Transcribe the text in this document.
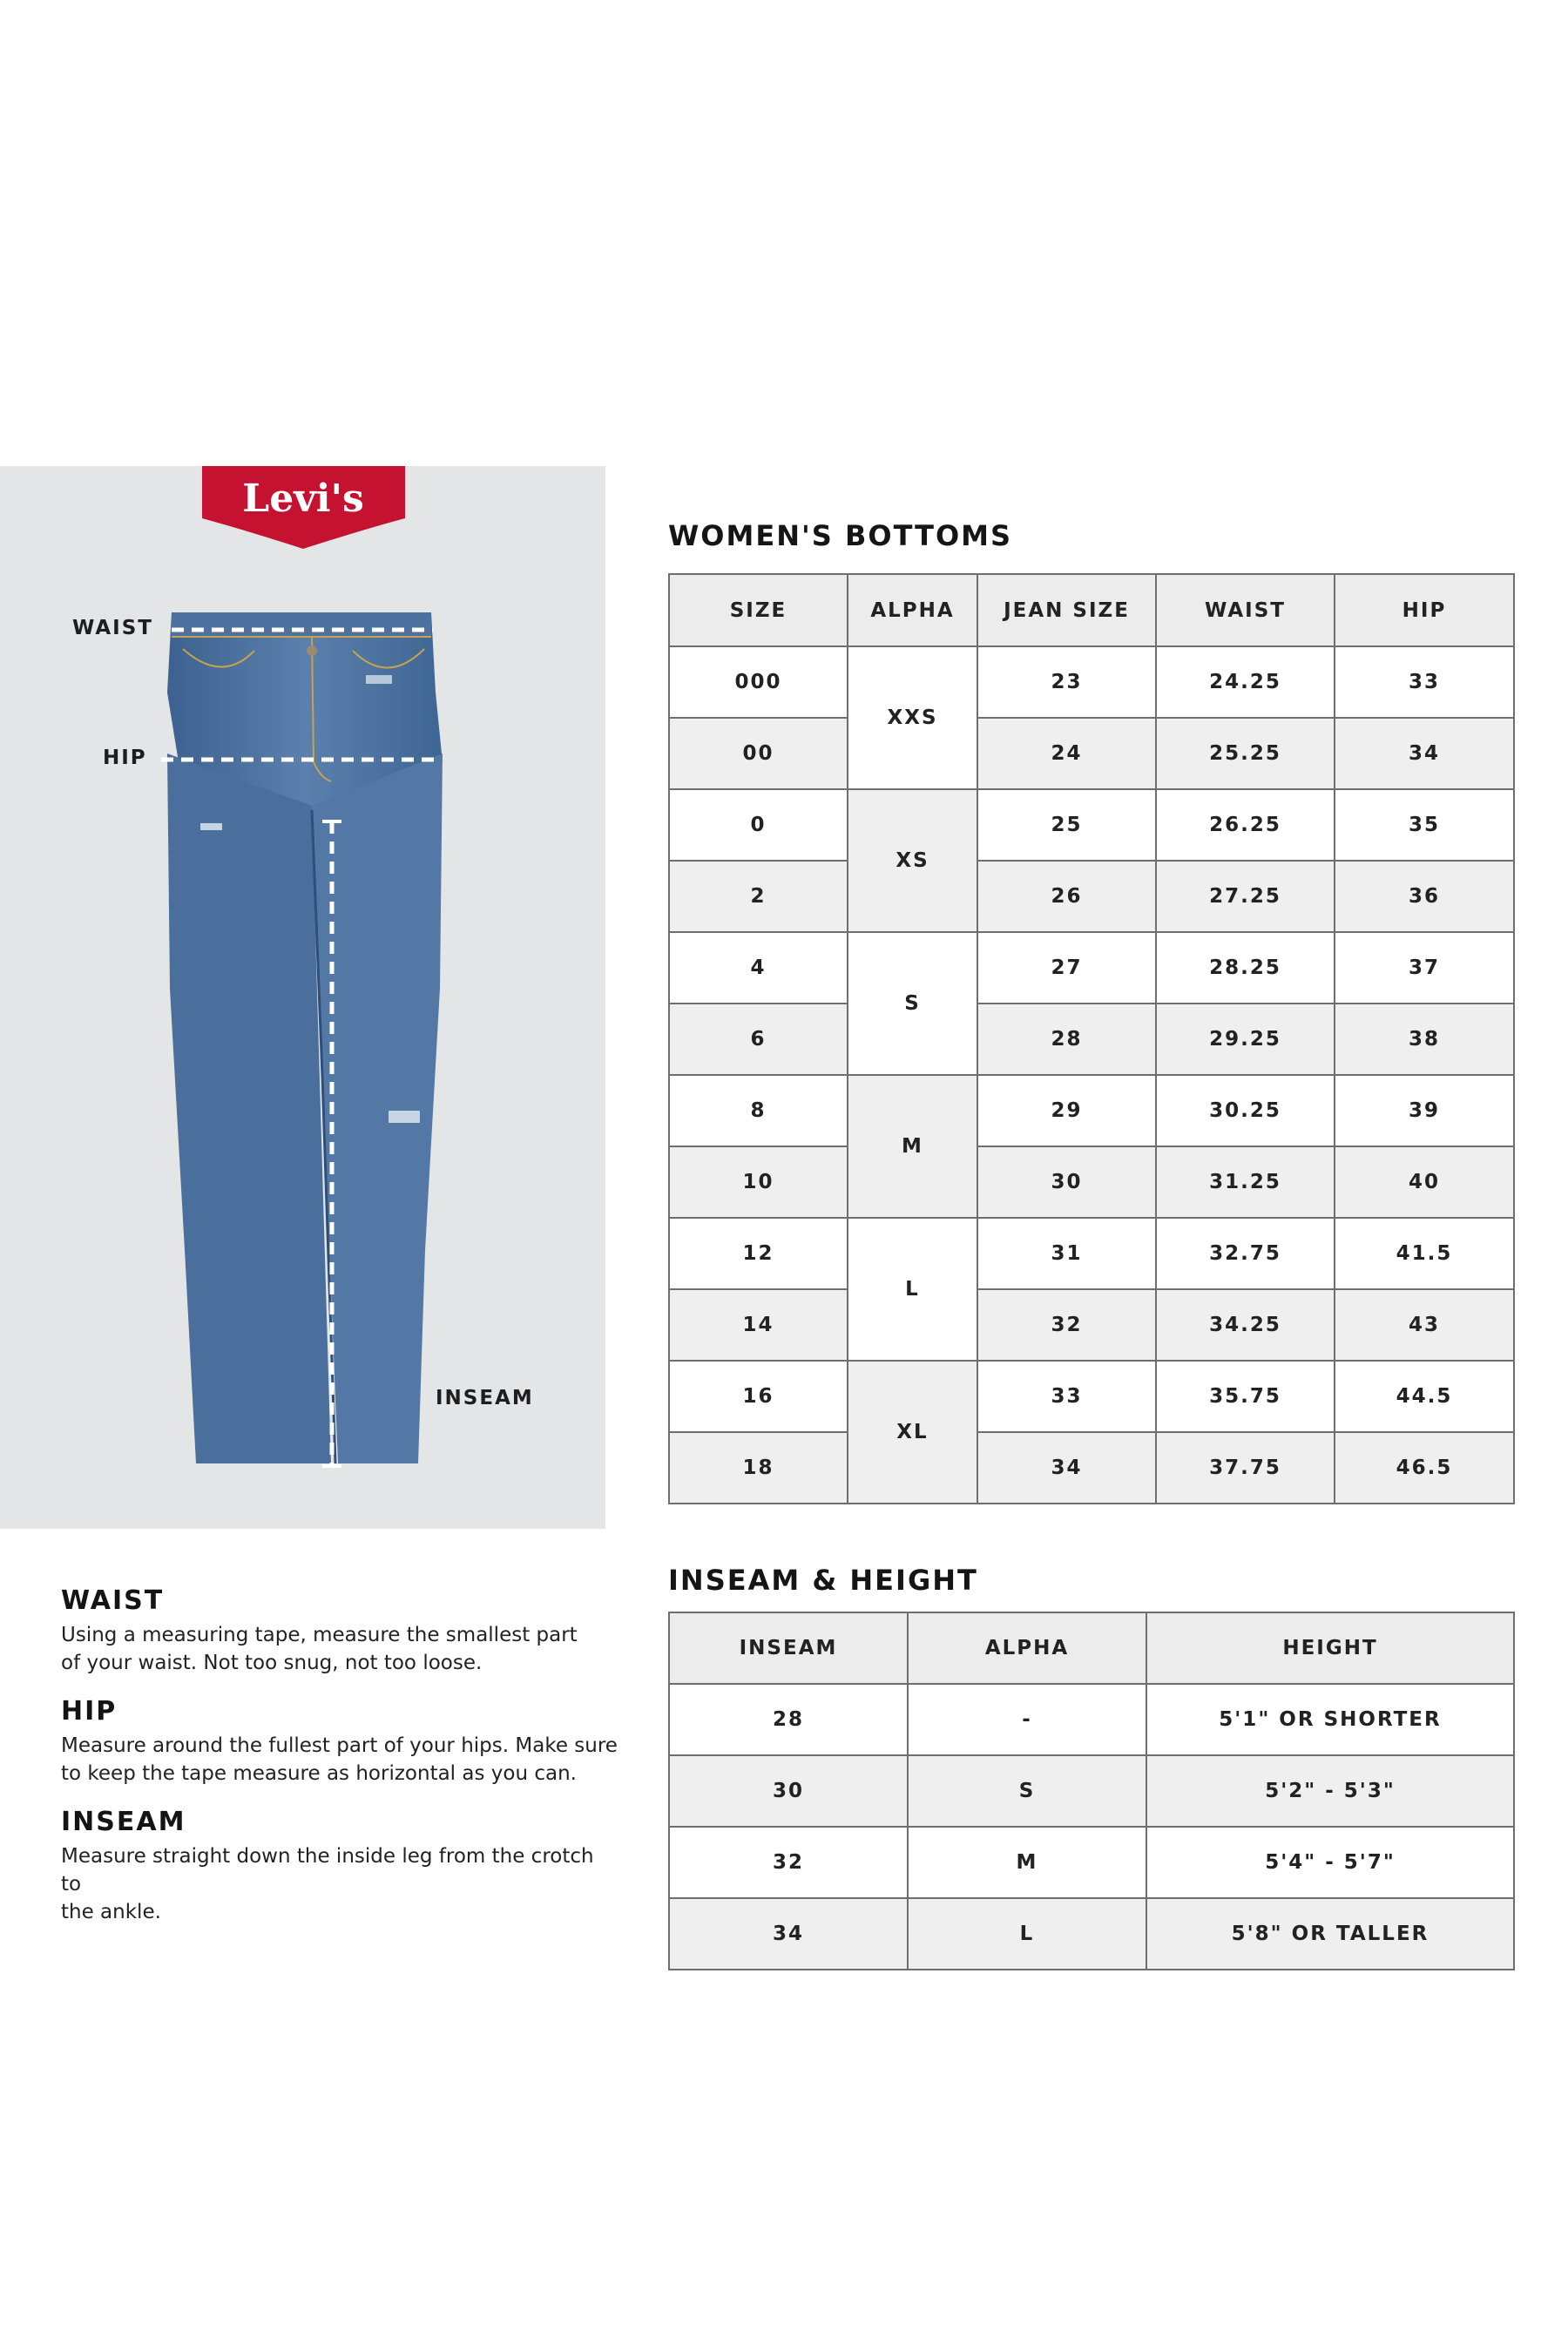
Levi's
R
WAIST
HIP
INSEAM
WAIST

Using a measuring tape, measure the smallest part

of your waist. Not too snug, not too loose.

HIP

Measure around the fullest part of your hips. Make sure

to keep the tape measure as horizontal as you can.

INSEAM

Measure straight down the inside leg from the crotch to

the ankle.

WOMEN'S BOTTOMS
SIZE	ALPHA	JEAN SIZE	WAIST	HIP
000	XXS	23	24.25	33
00		24	25.25	34
0	XS	25	26.25	35
2		26	27.25	36
4	S	27	28.25	37
6		28	29.25	38
8	M	29	30.25	39
10		30	31.25	40
12	L	31	32.75	41.5
14		32	34.25	43
16	XL	33	35.75	44.5
18		34	37.75	46.5
INSEAM & HEIGHT
INSEAM	ALPHA	HEIGHT
28	-	5'1" OR SHORTER
30	S	5'2" - 5'3"
32	M	5'4" - 5'7"
34	L	5'8" OR TALLER
